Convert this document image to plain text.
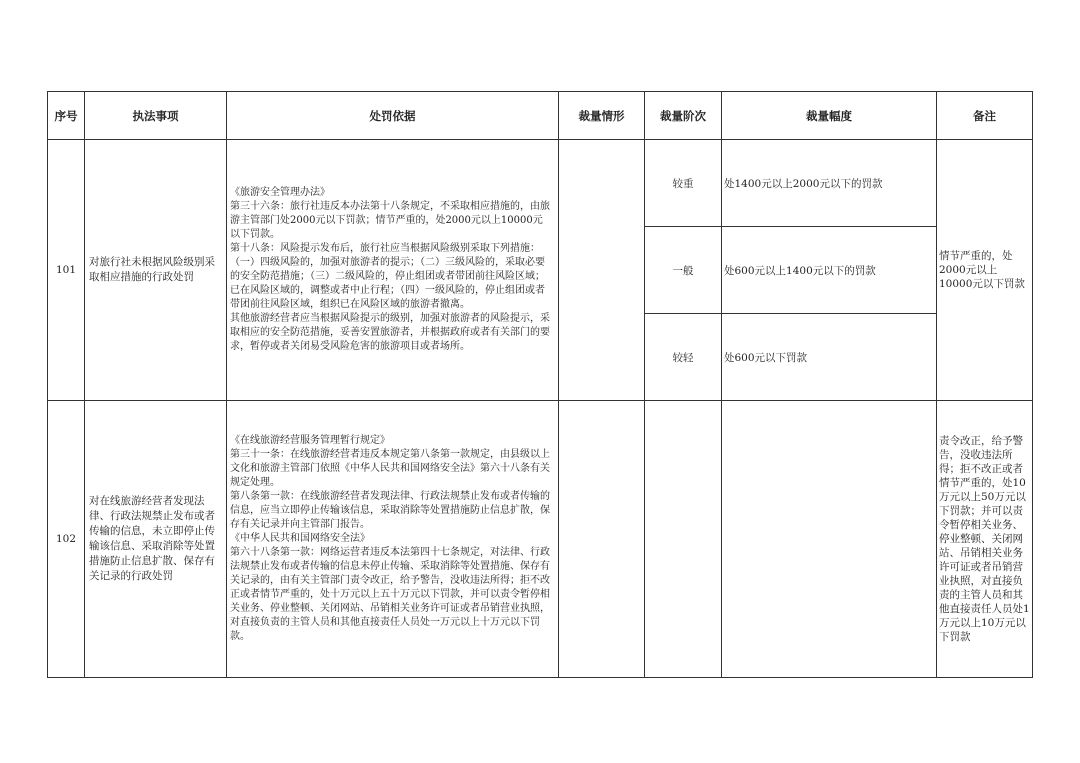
序号	执法事项	处罚依据	裁量情形	裁量阶次	裁量幅度	备注
101	对旅行社未根据风险级别采取相应措施的行政处罚	《旅游安全管理办法》
第三十六条：旅行社违反本办法第十八条规定，不采取相应措施的，由旅游主管部门处2000元以下罚款；情节严重的，处2000元以上10000元以下罚款。
第十八条：风险提示发布后，旅行社应当根据风险级别采取下列措施：（一）四级风险的，加强对旅游者的提示；（二）三级风险的，采取必要的安全防范措施；（三）二级风险的，停止组团或者带团前往风险区域；已在风险区域的，调整或者中止行程；（四）一级风险的，停止组团或者带团前往风险区域，组织已在风险区域的旅游者撤离。
其他旅游经营者应当根据风险提示的级别，加强对旅游者的风险提示，采取相应的安全防范措施，妥善安置旅游者，并根据政府或者有关部门的要求，暂停或者关闭易受风险危害的旅游项目或者场所。		较重	处1400元以上2000元以下的罚款	情节严重的，处2000元以上10000元以下罚款
				一般	处600元以上1400元以下的罚款	
				较轻	处600元以下罚款	
102	对在线旅游经营者发现法律、行政法规禁止发布或者传输的信息，未立即停止传输该信息、采取消除等处置措施防止信息扩散、保存有关记录的行政处罚	《在线旅游经营服务管理暂行规定》
第三十一条：在线旅游经营者违反本规定第八条第一款规定，由县级以上文化和旅游主管部门依照《中华人民共和国网络安全法》第六十八条有关规定处理。
第八条第一款：在线旅游经营者发现法律、行政法规禁止发布或者传输的信息，应当立即停止传输该信息，采取消除等处置措施防止信息扩散，保存有关记录并向主管部门报告。
《中华人民共和国网络安全法》
第六十八条第一款：网络运营者违反本法第四十七条规定，对法律、行政法规禁止发布或者传输的信息未停止传输、采取消除等处置措施、保存有关记录的，由有关主管部门责令改正，给予警告，没收违法所得；拒不改正或者情节严重的，处十万元以上五十万元以下罚款，并可以责令暂停相关业务、停业整顿、关闭网站、吊销相关业务许可证或者吊销营业执照，对直接负责的主管人员和其他直接责任人员处一万元以上十万元以下罚款。				责令改正，给予警告，没收违法所得；拒不改正或者情节严重的，处10万元以上50万元以下罚款；并可以责令暂停相关业务、停业整顿、关闭网站、吊销相关业务许可证或者吊销营业执照，对直接负责的主管人员和其他直接责任人员处1万元以上10万元以下罚款
